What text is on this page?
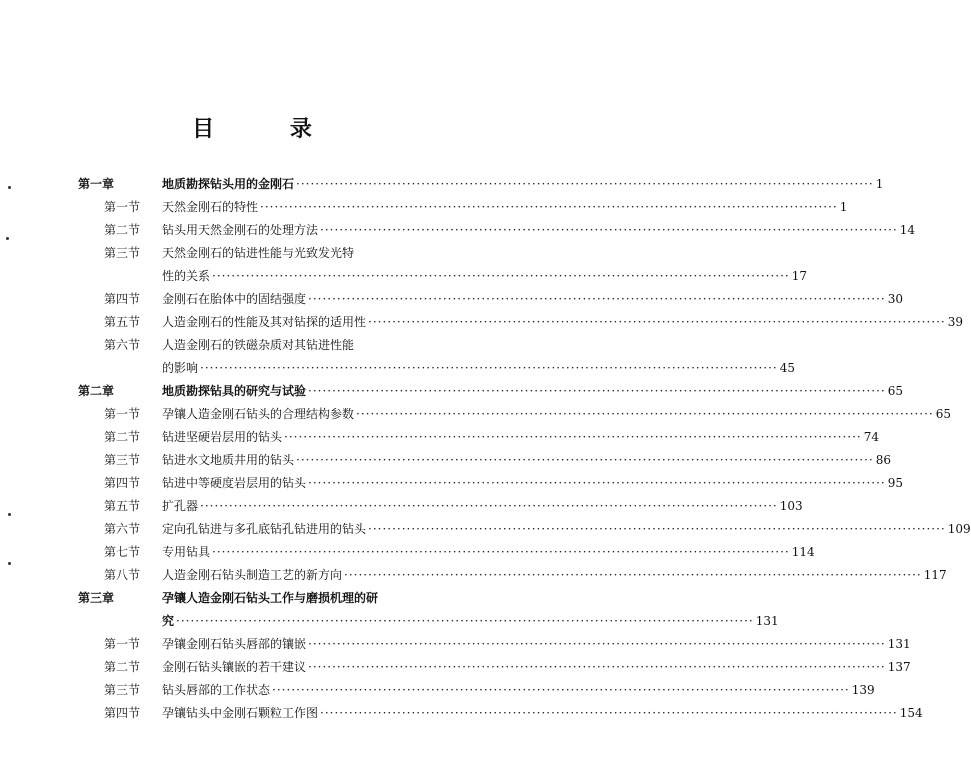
目 录
第一章	地质勘探钻头用的金刚石 ························································································································ 1
第一节 天然金刚石的特性 ························································································································ 1
第二节 钻头用天然金刚石的处理方法 ························································································································ 14
第三节 天然金刚石的钻进性能与光致发光特
性的关系 ························································································································ 17
第四节 金刚石在胎体中的固结强度 ························································································································ 30
第五节 人造金刚石的性能及其对钻探的适用性 ························································································································ 39
第六节 人造金刚石的铁磁杂质对其钻进性能
的影响 ························································································································ 45
第二章	地质勘探钻具的研究与试验 ························································································································ 65
第一节 孕镶人造金刚石钻头的合理结构参数 ························································································································ 65
第二节 钻进坚硬岩层用的钻头 ························································································································ 74
第三节 钻进水文地质井用的钻头 ························································································································ 86
第四节 钻进中等硬度岩层用的钻头 ························································································································ 95
第五节 扩孔器 ························································································································ 103
第六节 定向孔钻进与多孔底钻孔钻进用的钻头 ························································································································ 109
第七节 专用钻具 ························································································································ 114
第八节 人造金刚石钻头制造工艺的新方向 ························································································································ 117
第三章	孕镶人造金刚石钻头工作与磨损机理的研
究 ························································································································ 131
第一节 孕镶金刚石钻头唇部的镶嵌 ························································································································ 131
第二节 金刚石钻头镶嵌的若干建议 ························································································································ 137
第三节 钻头唇部的工作状态 ························································································································ 139
第四节 孕镶钻头中金刚石颗粒工作图 ························································································································ 154
